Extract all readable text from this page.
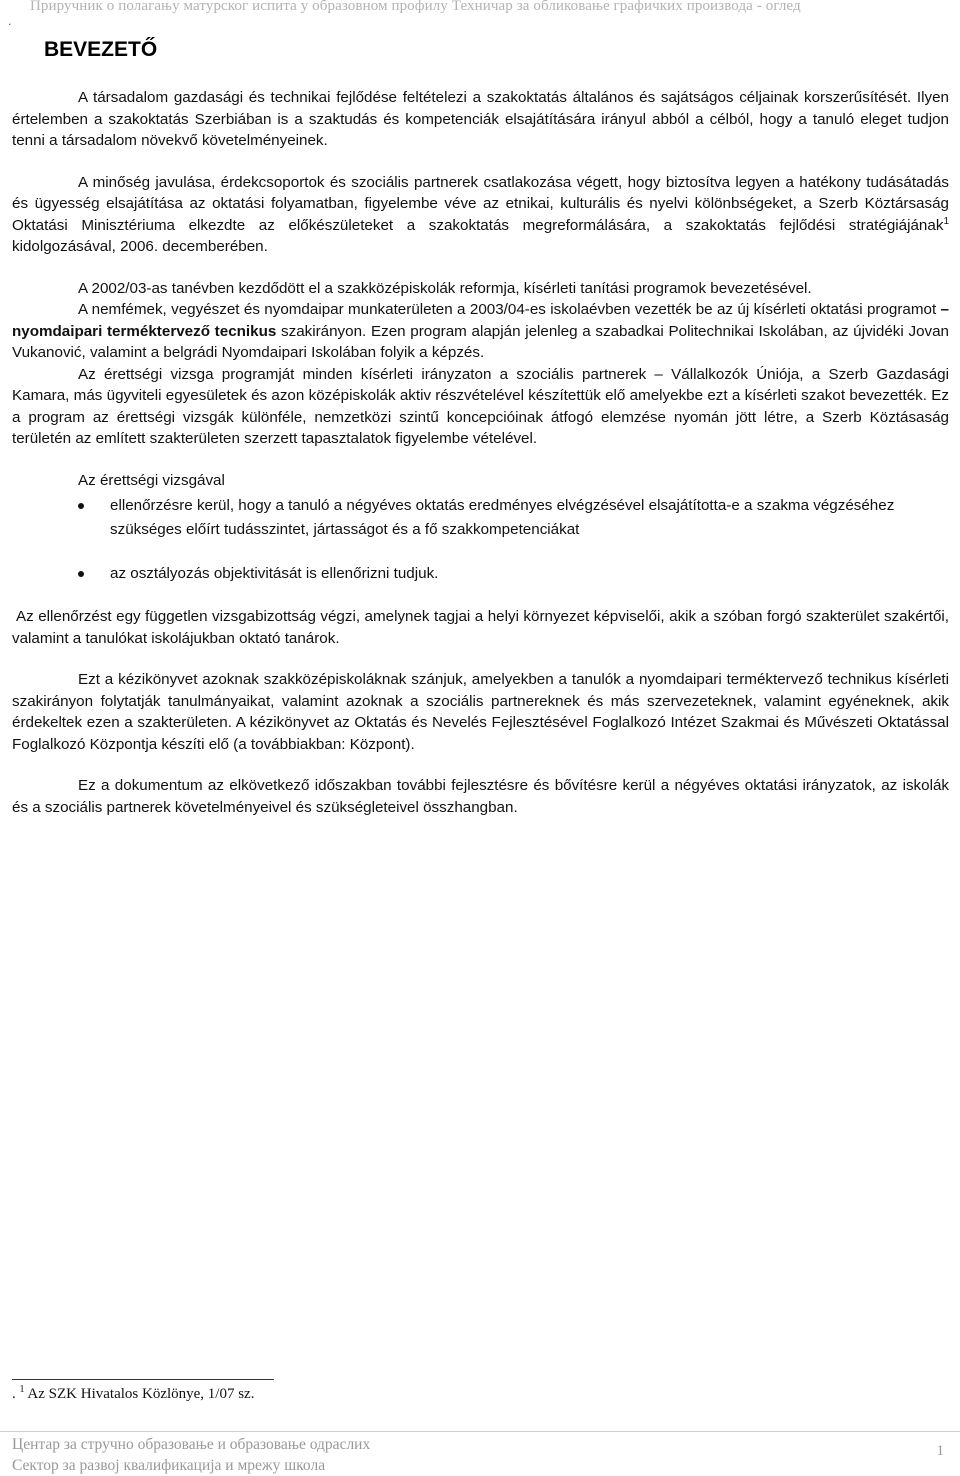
Приручник о полагању матурског испита у образовном профилу Техничар за обликовање графичких производа - оглед
.
BEVEZETŐ

A társadalom gazdasági és technikai fejlődése feltételezi a szakoktatás általános és sajátságos céljainak korszerűsítését. Ilyen értelemben a szakoktatás Szerbiában is a szaktudás és kompetenciák elsajátítására irányul abból a célból, hogy a tanuló eleget tudjon tenni a társadalom növekvő követelményeinek.

A minőség javulása, érdekcsoportok és szociális partnerek csatlakozása végett, hogy biztosítva legyen a hatékony tudásátadás és ügyesség elsajátítása az oktatási folyamatban, figyelembe véve az etnikai, kulturális és nyelvi kölönbségeket, a Szerb Köztársaság Oktatási Minisztériuma elkezdte az előkészületeket a szakoktatás megreformálására, a szakoktatás fejlődési stratégiájának$^1$ kidolgozásával, 2006. decemberében.

A 2002/03-as tanévben kezdődött el a szakközépiskolák reformja, kísérleti tanítási programok bevezetésével.

A nemfémek, vegyészet és nyomdaipar munkaterületen a 2003/04-es iskolaévben vezették be az új kísérleti oktatási programot – nyomdaipari terméktervező tecnikus szakirányon. Ezen program alapján jelenleg a szabadkai Politechnikai Iskolában, az újvidéki Jovan Vukanović, valamint a belgrádi Nyomdaipari Iskolában folyik a képzés.

Az érettségi vizsga programját minden kísérleti irányzaton a szociális partnerek – Vállalkozók Úniója, a Szerb Gazdasági Kamara, más ügyviteli egyesületek és azon középiskolák aktiv részvételével készítettük elő amelyekbe ezt a kísérleti szakot bevezették. Ez a program az érettségi vizsgák különféle, nemzetközi szintű koncepcióinak átfogó elemzése nyomán jött létre, a Szerb Köztásaság területén az említett szakterületen szerzett tapasztalatok figyelembe vételével.

Az érettségi vizsgával

ellenőrzésre kerül, hogy a tanuló a négyéves oktatás eredményes elvégzésével elsajátította-e a szakma végzéséhez szükséges előírt tudásszintet, jártasságot és a fő szakkompetenciákat
az osztályozás objektivitását is ellenőrizni tudjuk.

Az ellenőrzést egy független vizsgabizottság végzi, amelynek tagjai a helyi környezet képviselői, akik a szóban forgó szakterület szakértői, valamint a tanulókat iskolájukban oktató tanárok.

Ezt a kézikönyvet azoknak szakközépiskoláknak szánjuk, amelyekben a tanulók a nyomdaipari terméktervező technikus kísérleti szakirányon folytatják tanulmányaikat, valamint azoknak a szociális partnereknek és más szervezeteknek, valamint egyéneknek, akik érdekeltek ezen a szakterületen. A kézikönyvet az Oktatás és Nevelés Fejlesztésével Foglalkozó Intézet Szakmai és Művészeti Oktatással Foglalkozó Központja készíti elő (a továbbiakban: Központ).

Ez a dokumentum az elkövetkező időszakban további fejlesztésre és bővítésre kerül a négyéves oktatási irányzatok, az iskolák és a szociális partnerek követelményeivel és szükségleteivel összhangban.

. $^1$ Az SZK Hivatalos Közlönye, 1/07 sz.
Центар за стручно образовање и образовање одраслих
Сектор за развој квалификација и мрежу школа
1
